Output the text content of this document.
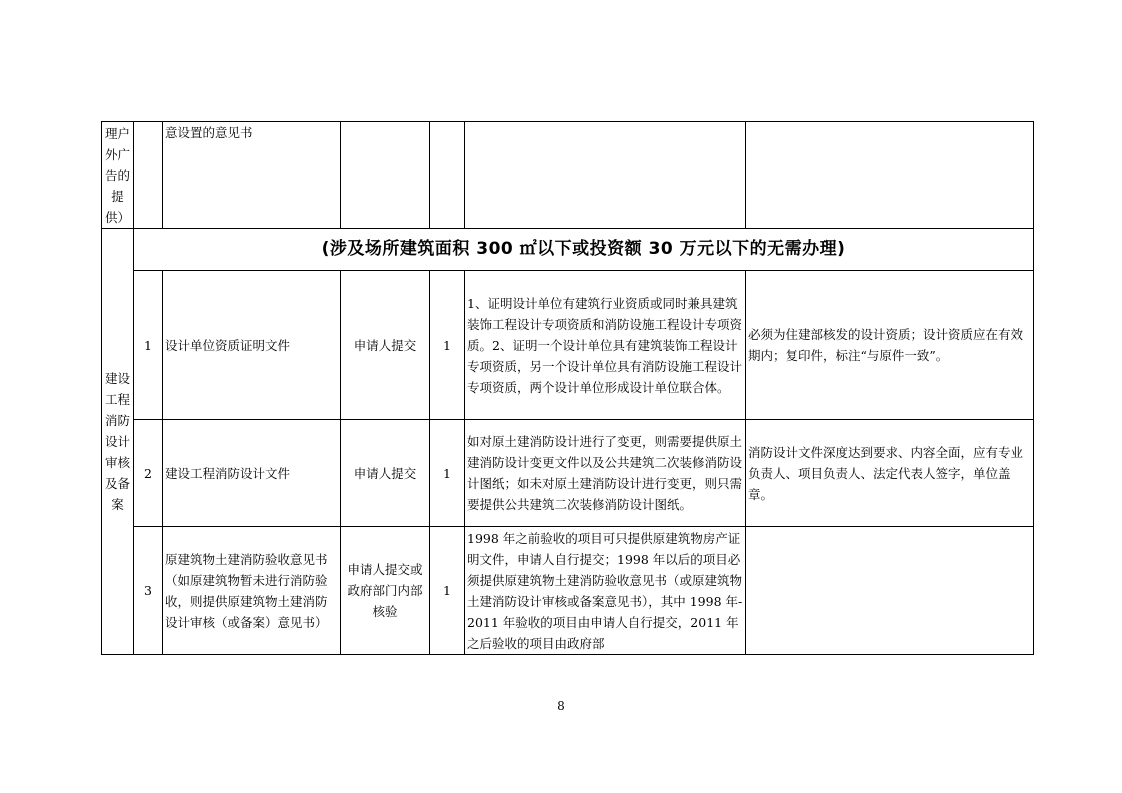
理户外广告的提供）		意设置的意见书				
建设工程消防设计审核及备案	(涉及场所建筑面积 300 ㎡以下或投资额 30 万元以下的无需办理)					
	1	设计单位资质证明文件	申请人提交	1	1、证明设计单位有建筑行业资质或同时兼具建筑装饰工程设计专项资质和消防设施工程设计专项资质。2、证明一个设计单位具有建筑装饰工程设计专项资质，另一个设计单位具有消防设施工程设计专项资质，两个设计单位形成设计单位联合体。	必须为住建部核发的设计资质；设计资质应在有效期内；复印件，标注“与原件一致”。
	2	建设工程消防设计文件	申请人提交	1	如对原土建消防设计进行了变更，则需要提供原土建消防设计变更文件以及公共建筑二次装修消防设计图纸；如未对原土建消防设计进行变更，则只需要提供公共建筑二次装修消防设计图纸。	消防设计文件深度达到要求、内容全面，应有专业负责人、项目负责人、法定代表人签字，单位盖章。
	3	原建筑物土建消防验收意见书（如原建筑物暂未进行消防验收，则提供原建筑物土建消防设计审核（或备案）意见书）	申请人提交或政府部门内部核验	1	1998 年之前验收的项目可只提供原建筑物房产证明文件，申请人自行提交；1998 年以后的项目必须提供原建筑物土建消防验收意见书（或原建筑物土建消防设计审核或备案意见书），其中 1998 年-2011 年验收的项目由申请人自行提交，2011 年之后验收的项目由政府部	
8
